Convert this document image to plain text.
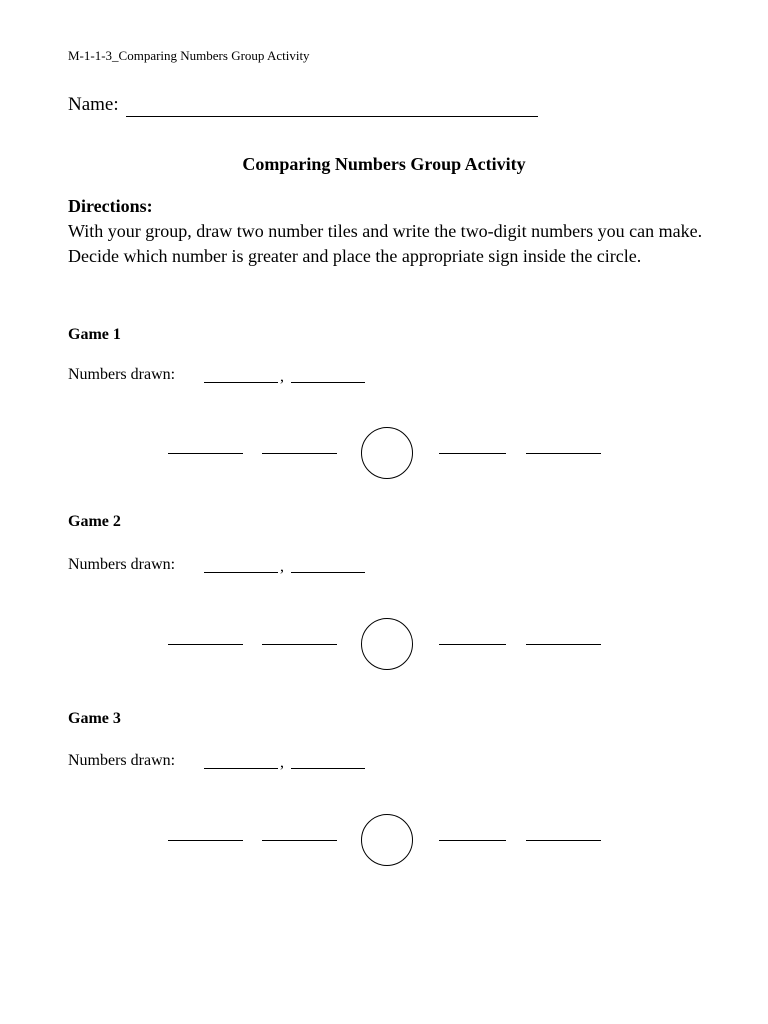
M-1-1-3_Comparing Numbers Group Activity
Name:
Comparing Numbers Group Activity
Directions:
With your group, draw two number tiles and write the two-digit numbers you can make. Decide which number is greater and place the appropriate sign inside the circle.
Game 1
Numbers drawn:	,
Game 2
Numbers drawn:	,
Game 3
Numbers drawn:	,
